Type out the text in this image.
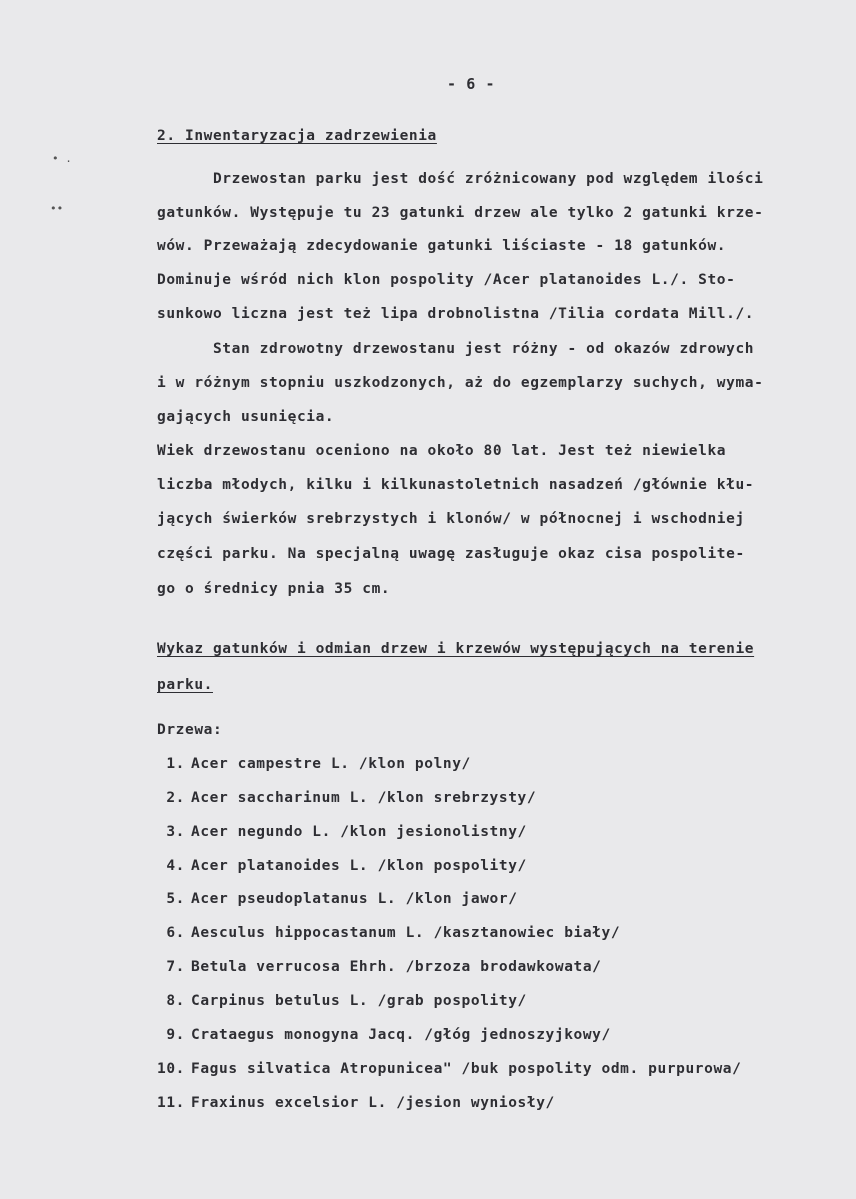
• .
••
- 6 -
2. Inwentaryzacja zadrzewienia
Drzewostan parku jest dość zróżnicowany pod względem ilości
gatunków. Występuje tu 23 gatunki drzew ale tylko 2 gatunki krze-
wów. Przeważają zdecydowanie gatunki liściaste - 18 gatunków.
Dominuje wśród nich klon pospolity /Acer platanoides L./. Sto-
sunkowo liczna jest też lipa drobnolistna /Tilia cordata Mill./.
Stan zdrowotny drzewostanu jest różny - od okazów zdrowych
i w różnym stopniu uszkodzonych, aż do egzemplarzy suchych, wyma-
gających usunięcia.
Wiek drzewostanu oceniono na około 80 lat. Jest też niewielka
liczba młodych, kilku i kilkunastoletnich nasadzeń /głównie kłu-
jących świerków srebrzystych i klonów/ w północnej i wschodniej
części parku. Na specjalną uwagę zasługuje okaz cisa pospolite-
go o średnicy pnia 35 cm.
Wykaz gatunków i odmian drzew i krzewów występujących na terenie
parku.
Drzewa:
1. Acer campestre L. /klon polny/
2. Acer saccharinum L. /klon srebrzysty/
3. Acer negundo L. /klon jesionolistny/
4. Acer platanoides L. /klon pospolity/
5. Acer pseudoplatanus L. /klon jawor/
6. Aesculus hippocastanum L. /kasztanowiec biały/
7. Betula verrucosa Ehrh. /brzoza brodawkowata/
8. Carpinus betulus L. /grab pospolity/
9. Crataegus monogyna Jacq. /głóg jednoszyjkowy/
10. Fagus silvatica Atropunicea" /buk pospolity odm. purpurowa/
11. Fraxinus excelsior L. /jesion wyniosły/
